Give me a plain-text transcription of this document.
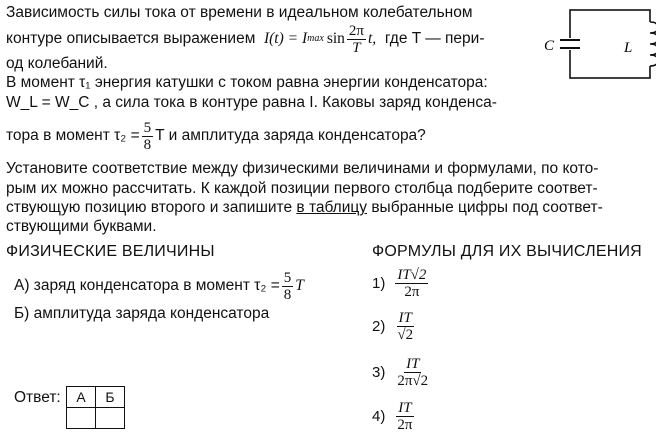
Зависимость силы тока от времени в идеальном колебательном
контуре описывается выражением
I(t) = I $\max \sin \frac{2\pi}{T} t$,
где T — пери-
од колебаний.
В момент τ₁ энергия катушки с током равна энергии конденсатора:
W_L = W_C , а сила тока в контуре равна I. Каковы заряд конденса-
тора в момент $\tau_2 = \frac{5}{8}$ T и амплитуда заряда конденсатора?
C	L
Установите соответствие между физическими величинами и формулами, по кото-
рым их можно рассчитать. К каждой позиции первого столбца подберите соответ-
ствующую позицию второго и запишите в таблицу выбранные цифры под соответ-
ствующими буквами.
ФИЗИЧЕСКИЕ ВЕЛИЧИНЫ
А) заряд конденсатора в момент $\tau_2 = \frac{5}{8}$ T
Б) амплитуда заряда конденсатора
ФОРМУЛЫ ДЛЯ ИХ ВЫЧИСЛЕНИЯ
$1) \frac{IT√2}{2\pi}$
$2) \frac{IT}{√2}$
$3) \frac{IT}{2\pi√2}$
$4) \frac{IT}{2\pi}$
Ответ: А	Б
